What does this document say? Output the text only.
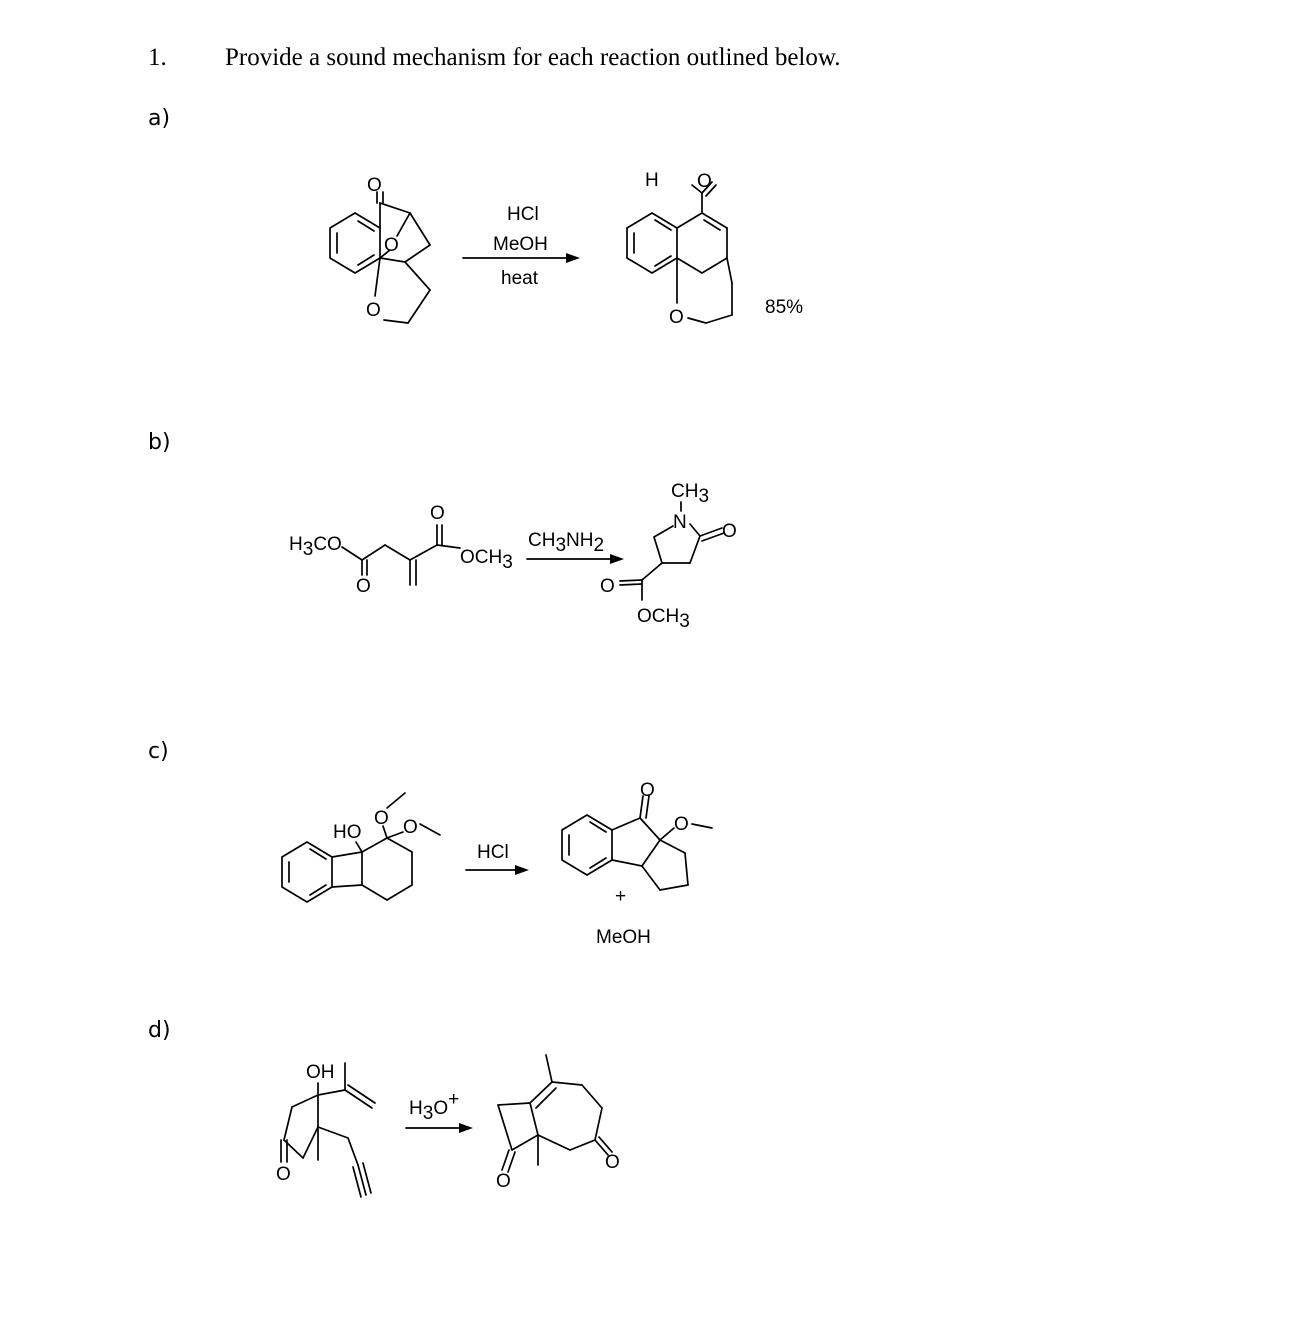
1. Provide a sound mechanism for each reaction outlined below.
a)
b)
c)
d)
O
O
O
HCl
MeOH
heat
H O
O	85%
H3CO
O
O
OCH3
CH3NH2
CH3
N O
O
OCH3
HO
O O
HCl
O
O
+
MeOH
OH
O
H3O+
O
O
